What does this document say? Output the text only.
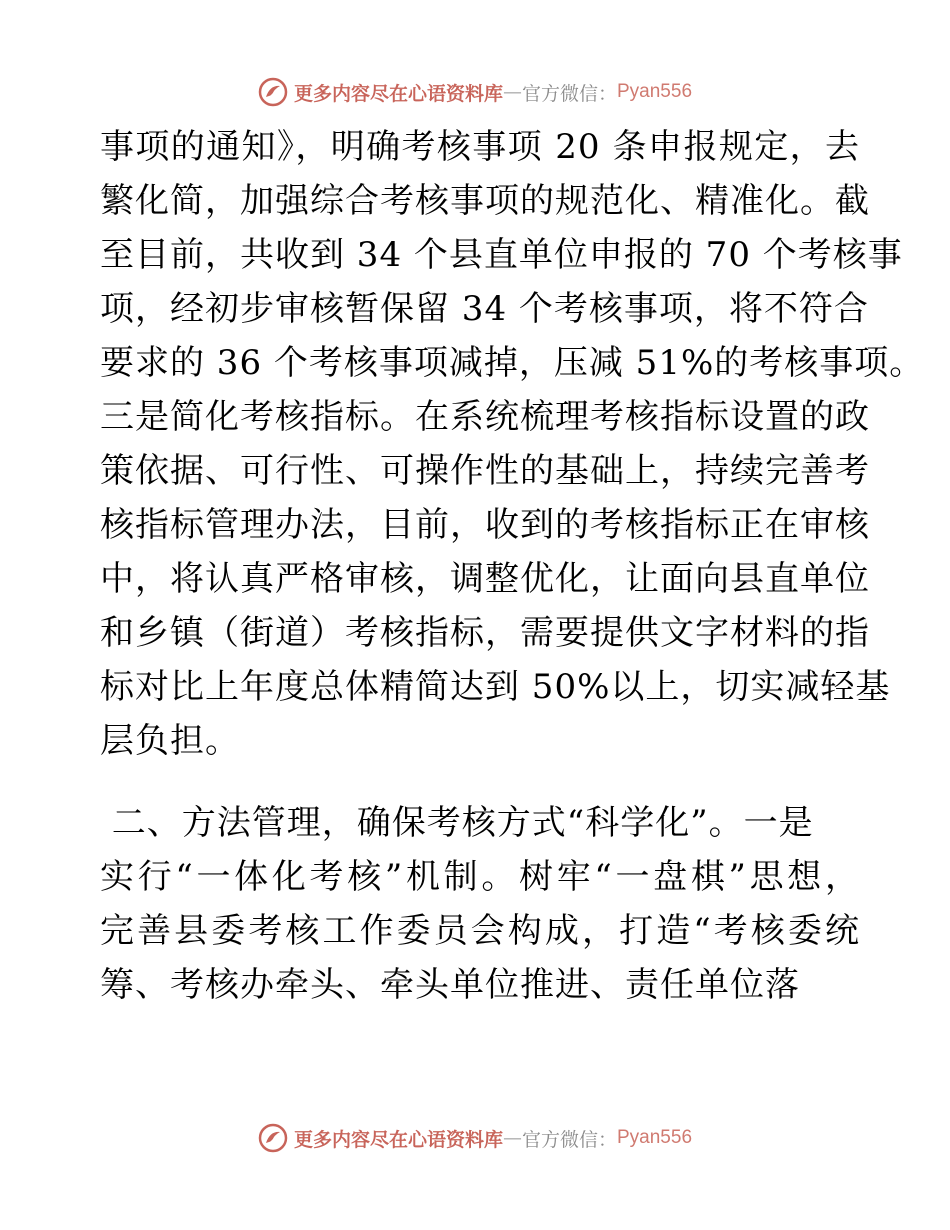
更多内容尽在心语资料库 — 官方微信： Pyan556
事项的通知》，明确考核事项 20 条申报规定，去
繁化简，加强综合考核事项的规范化、精准化。截
至目前，共收到 34 个县直单位申报的 70 个考核事
项，经初步审核暂保留 34 个考核事项，将不符合
要求的 36 个考核事项减掉，压减 51%的考核事项。
三是简化考核指标。在系统梳理考核指标设置的政
策依据、可行性、可操作性的基础上，持续完善考
核指标管理办法，目前，收到的考核指标正在审核
中，将认真严格审核，调整优化，让面向县直单位
和乡镇（街道）考核指标，需要提供文字材料的指
标对比上年度总体精简达到 50%以上，切实减轻基
层负担。
二、方法管理，确保考核方式“科学化”。一是
实行“一体化考核”机制。树牢“一盘棋”思想，
完善县委考核工作委员会构成，打造“考核委统
筹、考核办牵头、牵头单位推进、责任单位落
更多内容尽在心语资料库 — 官方微信： Pyan556
